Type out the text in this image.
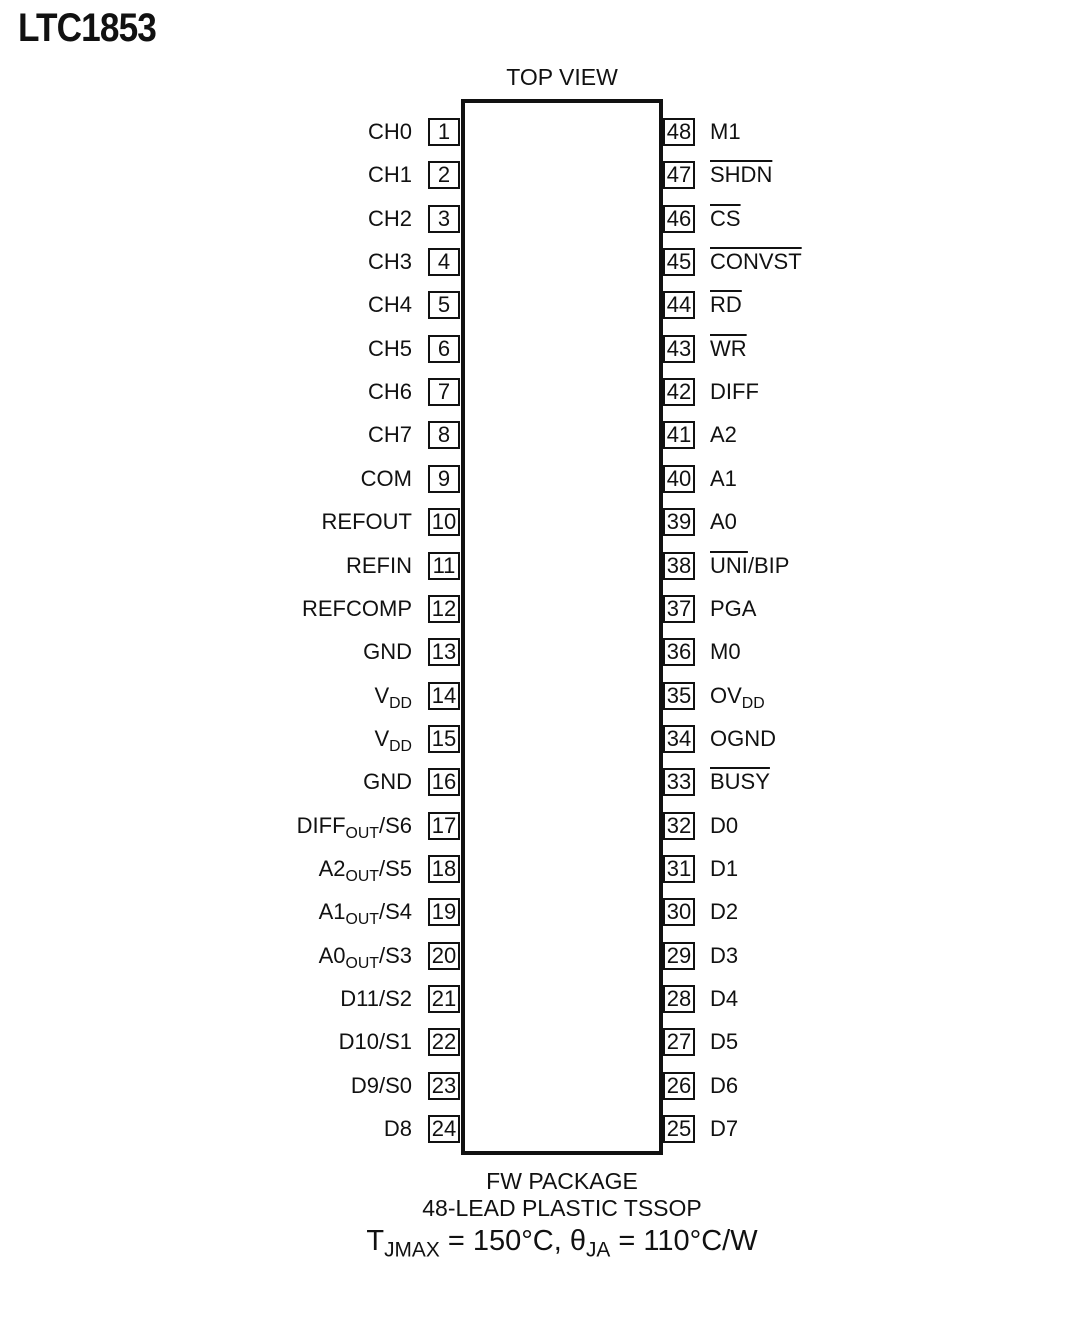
LTC1853
TOP VIEW
1
CH0
2
CH1
3
CH2
4
CH3
5
CH4
6
CH5
7
CH6
8
CH7
9
COM
10
REFOUT
11
REFIN
12
REFCOMP
13
GND
14
$V_{DD}$
15
$V_{DD}$
16
GND
17
$DIFF_{OUT}/S6$
18
$A2_{OUT}/S5$
19
$A1_{OUT}/S4$
20
$A0_{OUT}/S3$
21
D11/S2
22
D10/S1
23
D9/S0
24
D8
48 M1
47 SHDN
46 $\overline{CS}$
45 CONVST
44 $\overline{RD}$
43 $\overline{WR}$
42 DIFF
41 A2
40 A1
39 A0
38 $\overline{UNI}$/BIP
37 PGA
36 M0
35 $OV_{DD}$
34 OGND
33 BUSY
32 D0
31 D1
30 D2
29 D3
28 D4
27 D5
26 D6
25 D7
FW PACKAGE
48-LEAD PLASTIC TSSOP
$T_{JMAX} = 150^\circ C$, $\theta_{JA} = 110^\circ C/W$
